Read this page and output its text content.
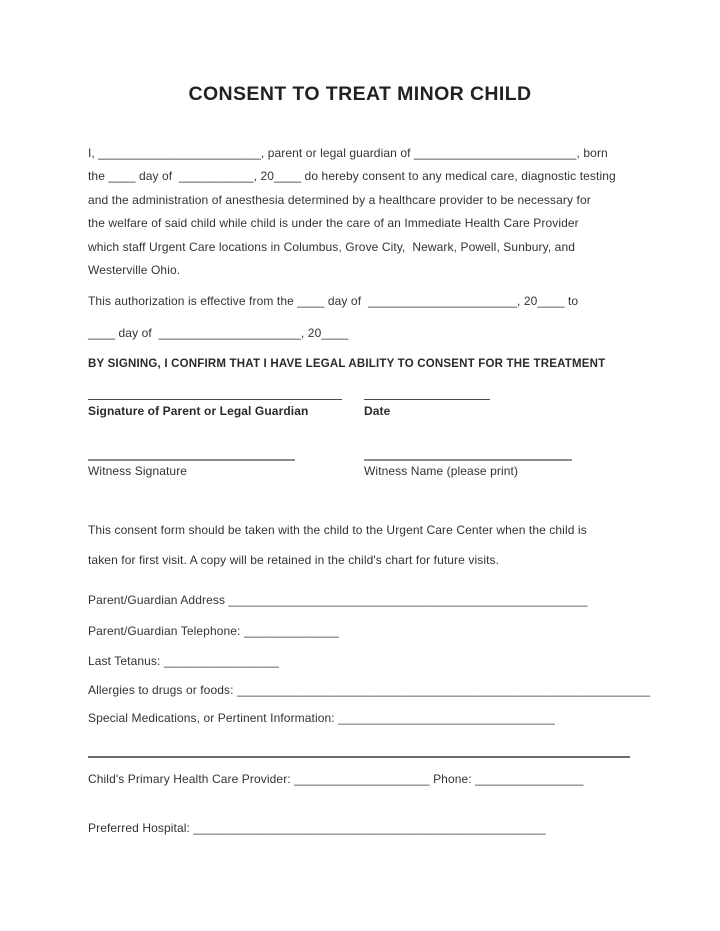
CONSENT TO TREAT MINOR CHILD
I, ________________________, parent or legal guardian of ________________________, born
the ____ day of  ___________, 20____ do hereby consent to any medical care, diagnostic testing
and the administration of anesthesia determined by a healthcare provider to be necessary for
the welfare of said child while child is under the care of an Immediate Health Care Provider
which staff Urgent Care locations in Columbus, Grove City,  Newark, Powell, Sunbury, and
Westerville Ohio.
This authorization is effective from the ____ day of  ______________________, 20____ to
____ day of  _____________________, 20____
BY SIGNING, I CONFIRM THAT I HAVE LEGAL ABILITY TO CONSENT FOR THE TREATMENT
Signature of Parent or Legal Guardian	Date
Witness Signature	Witness Name (please print)
This consent form should be taken with the child to the Urgent Care Center when the child is
taken for first visit. A copy will be retained in the child's chart for future visits.
Parent/Guardian Address _____________________________________________________
Parent/Guardian Telephone: ______________
Last Tetanus: _________________
Allergies to drugs or foods: _____________________________________________________________
Special Medications, or Pertinent Information: ________________________________
Child's Primary Health Care Provider: ____________________ Phone: ________________
Preferred Hospital: ____________________________________________________
